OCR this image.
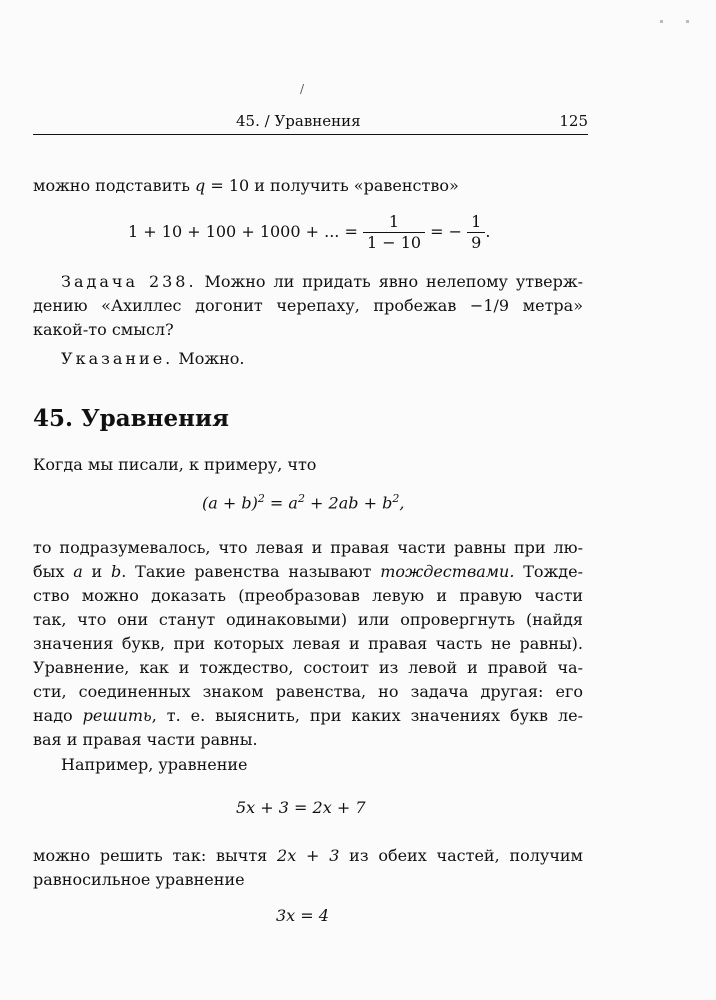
/
45. / Уравнения	125
можно подставить q = 10 и получить «равенство»
1 + 10 + 100 + 1000 + ... = $\frac{1}{1 - 10}$ = − $\frac{1}{9}$ .
Задача 238. Можно ли придать явно нелепому утверж-
дению «Ахиллес догонит черепаху, пробежав −1/9 метра»
какой-то смысл?
Указание. Можно.
45. Уравнения
Когда мы писали, к примеру, что
$(a + b)^2 = a^2 + 2ab + b^2$,
то подразумевалось, что левая и правая части равны при лю-
бых a и b. Такие равенства называют тождествами. Тожде-
ство можно доказать (преобразовав левую и правую части
так, что они станут одинаковыми) или опровергнуть (найдя
значения букв, при которых левая и правая часть не равны).
Уравнение, как и тождество, состоит из левой и правой ча-
сти, соединенных знаком равенства, но задача другая: его
надо решить, т. е. выяснить, при каких значениях букв ле-
вая и правая части равны.
Например, уравнение
5x + 3 = 2x + 7
можно решить так: вычтя 2x + 3 из обеих частей, получим
равносильное уравнение
3x = 4
